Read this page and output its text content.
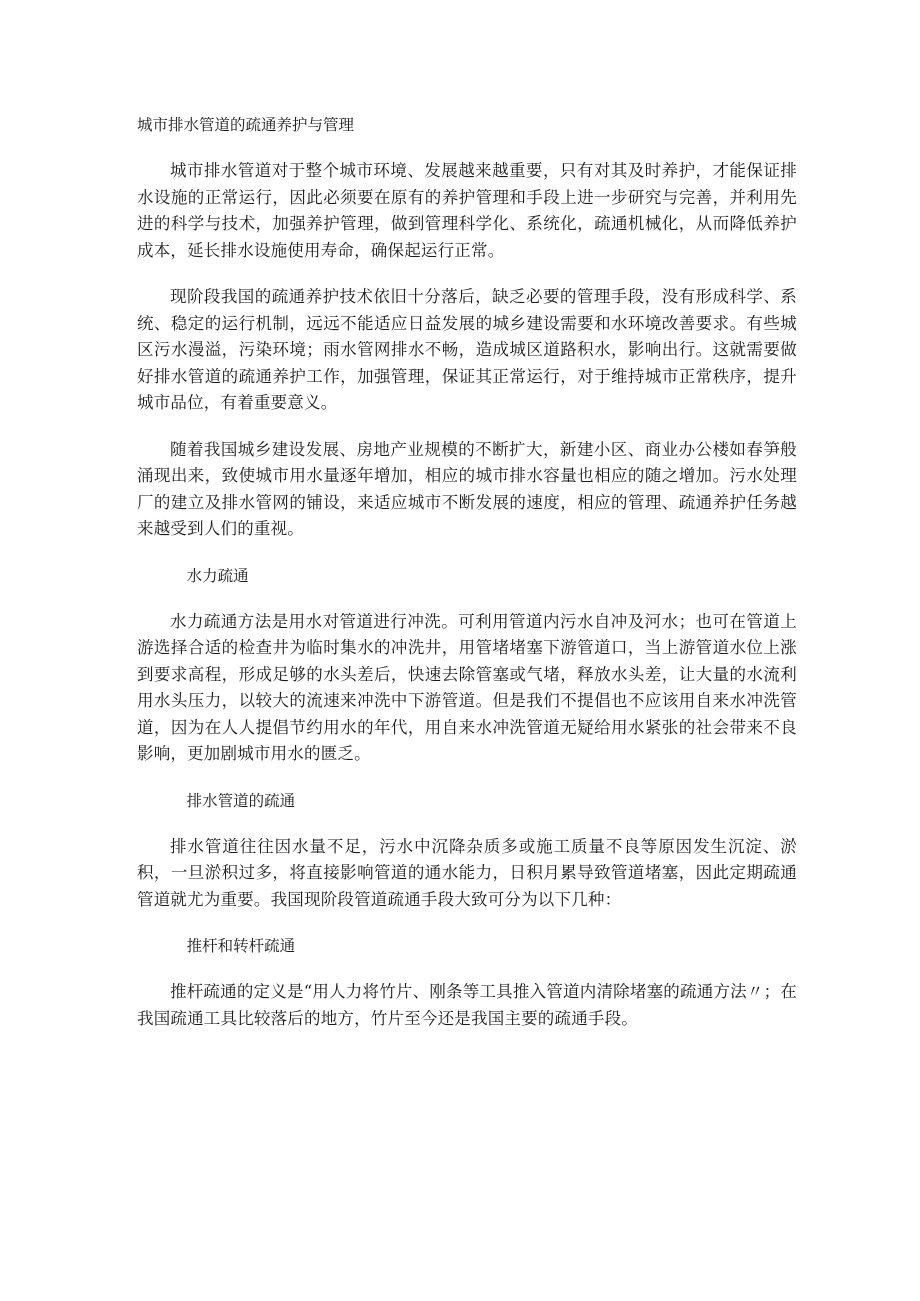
城市排水管道的疏通养护与管理

城市排水管道对于整个城市环境、发展越来越重要，只有对其及时养护，才能保证排水设施的正常运行，因此必须要在原有的养护管理和手段上进一步研究与完善，并利用先进的科学与技术，加强养护管理，做到管理科学化、系统化，疏通机械化，从而降低养护成本，延长排水设施使用寿命，确保起运行正常。

现阶段我国的疏通养护技术依旧十分落后，缺乏必要的管理手段，没有形成科学、系统、稳定的运行机制，远远不能适应日益发展的城乡建设需要和水环境改善要求。有些城区污水漫溢，污染环境；雨水管网排水不畅，造成城区道路积水，影响出行。这就需要做好排水管道的疏通养护工作，加强管理，保证其正常运行，对于维持城市正常秩序，提升城市品位，有着重要意义。

随着我国城乡建设发展、房地产业规模的不断扩大，新建小区、商业办公楼如春笋般涌现出来，致使城市用水量逐年增加，相应的城市排水容量也相应的随之增加。污水处理厂的建立及排水管网的铺设，来适应城市不断发展的速度，相应的管理、疏通养护任务越来越受到人们的重视。

水力疏通

水力疏通方法是用水对管道进行冲洗。可利用管道内污水自冲及河水；也可在管道上游选择合适的检查井为临时集水的冲洗井，用管堵堵塞下游管道口，当上游管道水位上涨到要求高程，形成足够的水头差后，快速去除管塞或气堵，释放水头差，让大量的水流利用水头压力，以较大的流速来冲洗中下游管道。但是我们不提倡也不应该用自来水冲洗管道，因为在人人提倡节约用水的年代，用自来水冲洗管道无疑给用水紧张的社会带来不良影响，更加剧城市用水的匮乏。

排水管道的疏通

排水管道往往因水量不足，污水中沉降杂质多或施工质量不良等原因发生沉淀、淤积，一旦淤积过多，将直接影响管道的通水能力，日积月累导致管道堵塞，因此定期疏通管道就尤为重要。我国现阶段管道疏通手段大致可分为以下几种：

推杆和转杆疏通

推杆疏通的定义是“用人力将竹片、刚条等工具推入管道内清除堵塞的疏通方法〃；在我国疏通工具比较落后的地方，竹片至今还是我国主要的疏通手段。
